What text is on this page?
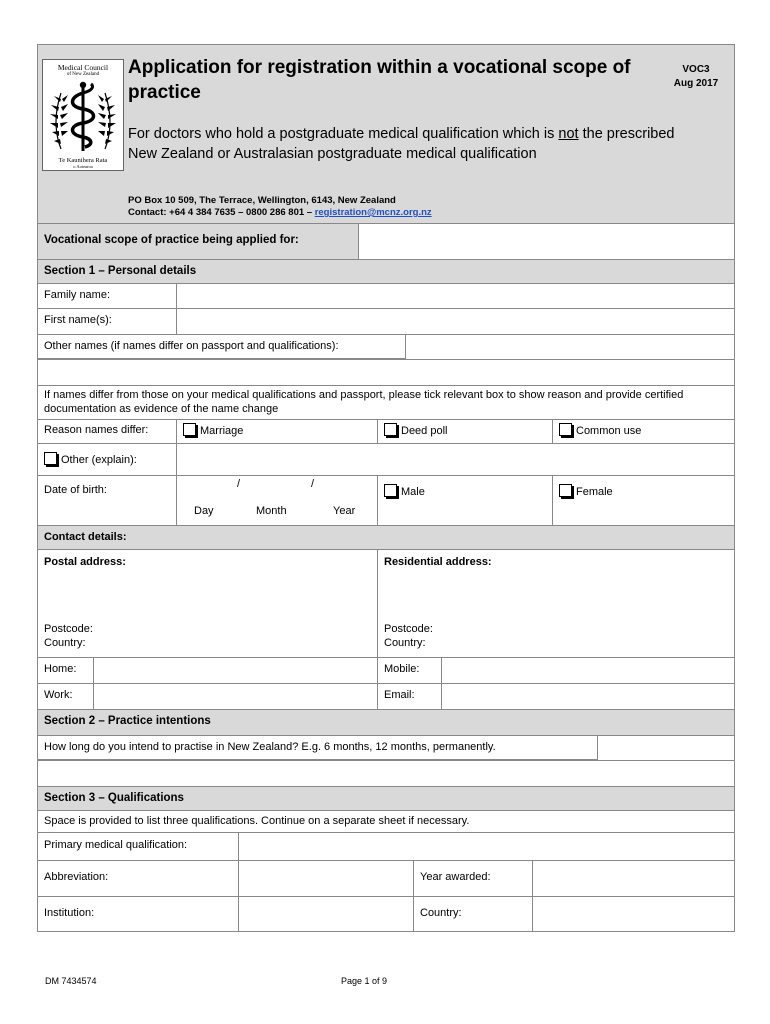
Medical Council
of New Zealand
Te Kaunihera Rata
o Aotearoa
Application for registration within a vocational scope of practice
VOC3
Aug 2017
For doctors who hold a postgraduate medical qualification which is not the prescribed New Zealand or Australasian postgraduate medical qualification
PO Box 10 509, The Terrace, Wellington, 6143, New Zealand
Contact: +64 4 384 7635 – 0800 286 801 – registration@mcnz.org.nz
Vocational scope of practice being applied for:
Section 1 – Personal details
Family name:
First name(s):
Other names (if names differ on passport and qualifications):
If names differ from those on your medical qualifications and passport, please tick relevant box to show reason and provide certified documentation as evidence of the name change
Reason names differ:	Marriage	Deed poll	Common use
Other (explain):
Date of birth:	/	/
Day	Month	Year
Male	Female
Contact details:
Postal address:
Postcode:
Country:
Residential address:
Postcode:
Country:
Home:	Mobile:
Work:	Email:
Section 2 – Practice intentions
How long do you intend to practise in New Zealand? E.g. 6 months, 12 months, permanently.
Section 3 – Qualifications
Space is provided to list three qualifications. Continue on a separate sheet if necessary.
Primary medical qualification:
Abbreviation:	Year awarded:
Institution:	Country:
DM 7434574	Page 1 of 9
